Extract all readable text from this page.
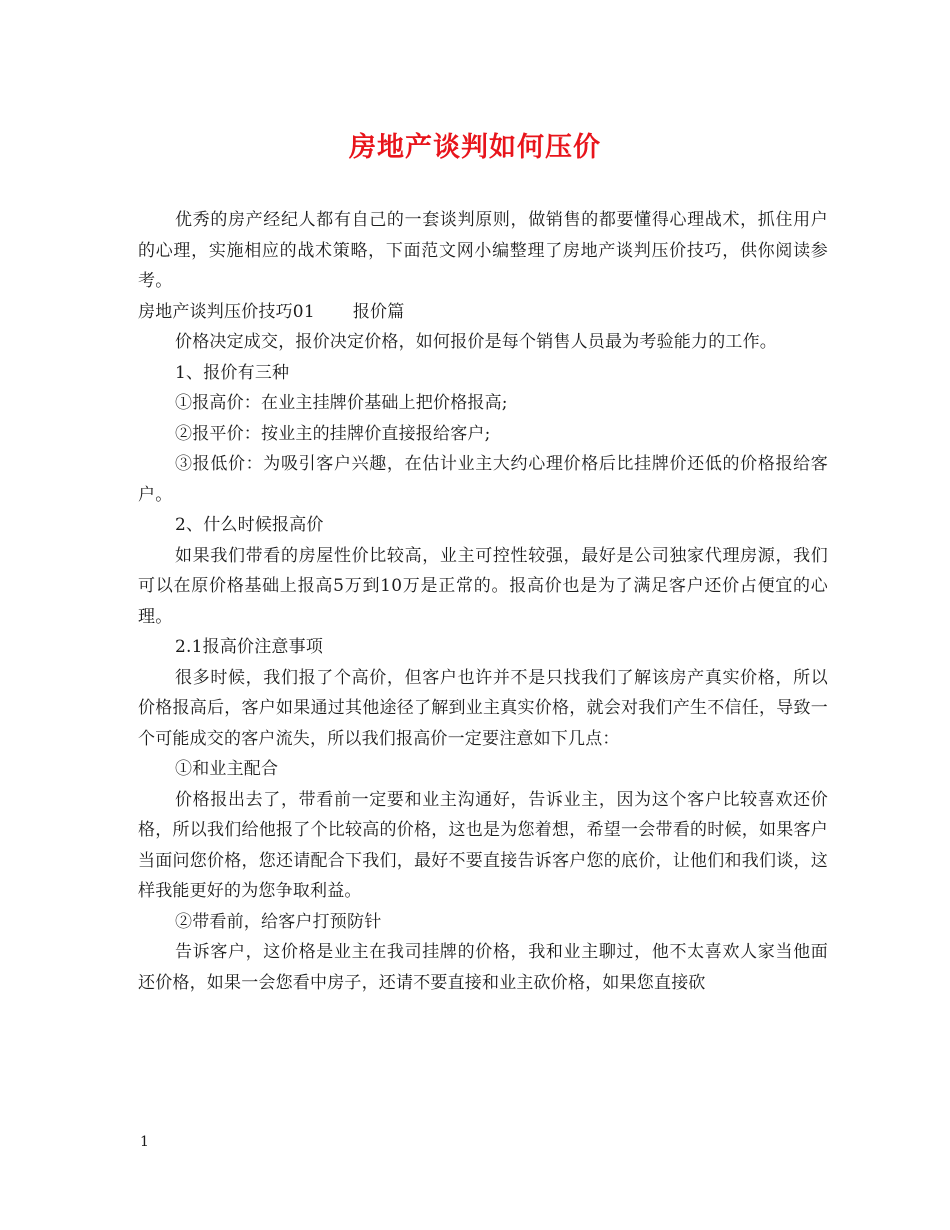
房地产谈判如何压价

优秀的房产经纪人都有自己的一套谈判原则，做销售的都要懂得心理战术，抓住用户的心理，实施相应的战术策略，下面范文网小编整理了房地产谈判压价技巧，供你阅读参考。

房地产谈判压价技巧01 报价篇

价格决定成交，报价决定价格，如何报价是每个销售人员最为考验能力的工作。

1、报价有三种

①报高价：在业主挂牌价基础上把价格报高;

②报平价：按业主的挂牌价直接报给客户;

③报低价：为吸引客户兴趣，在估计业主大约心理价格后比挂牌价还低的价格报给客户。

2、什么时候报高价

如果我们带看的房屋性价比较高，业主可控性较强，最好是公司独家代理房源，我们可以在原价格基础上报高5万到10万是正常的。报高价也是为了满足客户还价占便宜的心理。

2.1报高价注意事项

很多时候，我们报了个高价，但客户也许并不是只找我们了解该房产真实价格，所以价格报高后，客户如果通过其他途径了解到业主真实价格，就会对我们产生不信任，导致一个可能成交的客户流失，所以我们报高价一定要注意如下几点：

①和业主配合

价格报出去了，带看前一定要和业主沟通好，告诉业主，因为这个客户比较喜欢还价格，所以我们给他报了个比较高的价格，这也是为您着想，希望一会带看的时候，如果客户当面问您价格，您还请配合下我们，最好不要直接告诉客户您的底价，让他们和我们谈，这样我能更好的为您争取利益。

②带看前，给客户打预防针

告诉客户，这价格是业主在我司挂牌的价格，我和业主聊过，他不太喜欢人家当他面还价格，如果一会您看中房子，还请不要直接和业主砍价格，如果您直接砍

1
